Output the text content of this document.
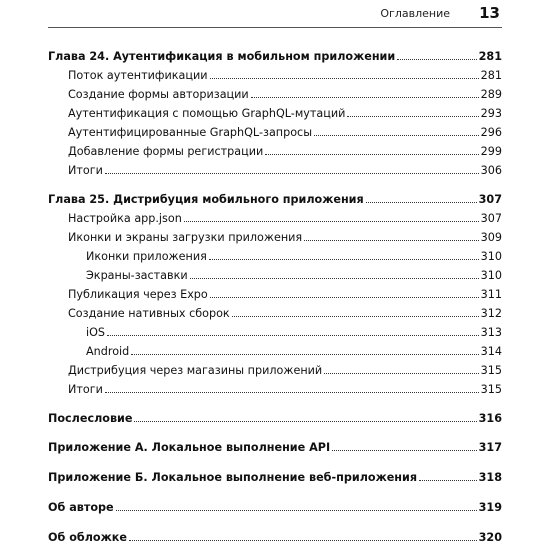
Оглавление 13
Глава 24. Аутентификация в мобильном приложении	281
Поток аутентификации	281
Создание формы авторизации	289
Аутентификация с помощью GraphQL-мутаций	293
Аутентифицированные GraphQL-запросы	296
Добавление формы регистрации	299
Итоги	306
Глава 25. Дистрибуция мобильного приложения	307
Настройка app.json	307
Иконки и экраны загрузки приложения	309
Иконки приложения	310
Экраны-заставки	310
Публикация через Expo	311
Создание нативных сборок	312
iOS	313
Android	314
Дистрибуция через магазины приложений	315
Итоги	315
Послесловие	316
Приложение А. Локальное выполнение API	317
Приложение Б. Локальное выполнение веб-приложения	318
Об авторе	319
Об обложке	320
